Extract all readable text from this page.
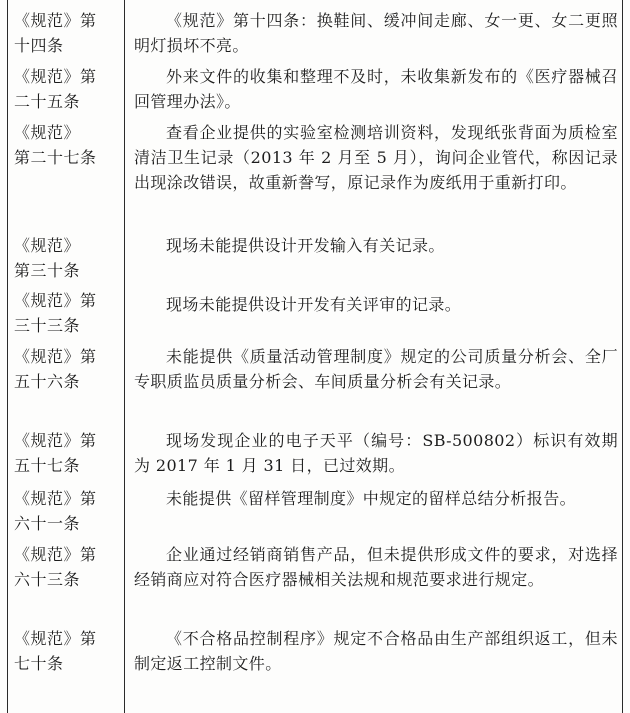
《规范》第
十四条
《规范》第十四条：换鞋间、缓冲间走廊、女一更、女二更照明灯损坏不亮。
《规范》第
二十五条
外来文件的收集和整理不及时，未收集新发布的《医疗器械召回管理办法》。
《规范》
第二十七条
查看企业提供的实验室检测培训资料，发现纸张背面为质检室清洁卫生记录（2013 年 2 月至 5 月），询问企业管代，称因记录出现涂改错误，故重新誊写，原记录作为废纸用于重新打印。
《规范》
第三十条
现场未能提供设计开发输入有关记录。
《规范》第
三十三条
现场未能提供设计开发有关评审的记录。
《规范》第
五十六条
未能提供《质量活动管理制度》规定的公司质量分析会、全厂专职质监员质量分析会、车间质量分析会有关记录。
《规范》第
五十七条
现场发现企业的电子天平（编号：SB-500802）标识有效期为 2017 年 1 月 31 日，已过效期。
《规范》第
六十一条
未能提供《留样管理制度》中规定的留样总结分析报告。
《规范》第
六十三条
企业通过经销商销售产品，但未提供形成文件的要求，对选择经销商应对符合医疗器械相关法规和规范要求进行规定。
《规范》第
七十条
《不合格品控制程序》规定不合格品由生产部组织返工，但未制定返工控制文件。
